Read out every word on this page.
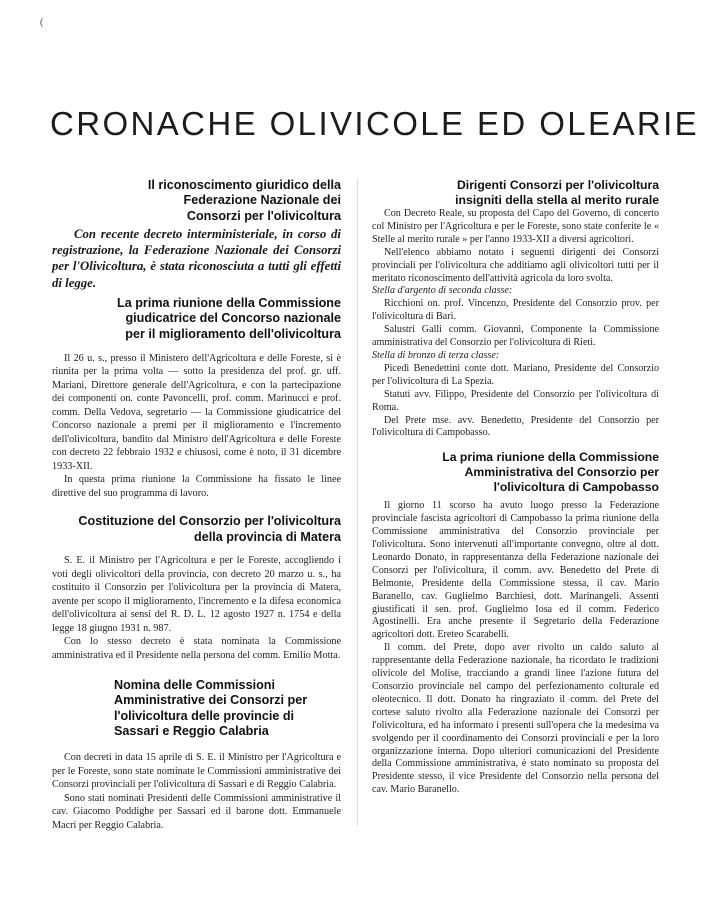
(
CRONACHE OLIVICOLE ED OLEARIE
Il riconoscimento giuridico della Federazione Nazionale dei Consorzi per l'olivicoltura

Con recente decreto interministeriale, in corso di registrazione, la Federazione Nazionale dei Consorzi per l'Olivicoltura, è stata riconosciuta a tutti gli effetti di legge.

La prima riunione della Commissione giudicatrice del Concorso nazionale per il miglioramento dell'olivicoltura

Il 26 u. s., presso il Ministero dell'Agricoltura e delle Foreste, si è riunita per la prima volta — sotto la presidenza del prof. gr. uff. Mariani, Direttore generale dell'Agricoltura, e con la partecipazione dei componenti on. conte Pavoncelli, prof. comm. Marinucci e prof. comm. Della Vedova, segretario — la Commissione giudicatrice del Concorso nazionale a premi per il miglioramento e l'incremento dell'olivicoltura, bandito dal Ministro dell'Agricoltura e delle Foreste con decreto 22 febbraio 1932 e chiusosi, come è noto, il 31 dicembre 1933-XII.

In questa prima riunione la Commissione ha fissato le linee direttive del suo programma di lavoro.

Costituzione del Consorzio per l'olivicoltura della provincia di Matera

S. E. il Ministro per l'Agricoltura e per le Foreste, accogliendo i voti degli olivicoltori della provincia, con decreto 20 marzo u. s., ha costituito il Consorzio per l'olivicoltura per la provincia di Matera, avente per scopo il miglioramento, l'incremento e la difesa economica dell'olivicoltura ai sensi del R. D. L. 12 agosto 1927 n. 1754 e della legge 18 giugno 1931 n. 987.

Con lo stesso decreto è stata nominata la Commissione amministrativa ed il Presidente nella persona del comm. Emilio Motta.

Nomina delle Commissioni Amministrative dei Consorzi per l'olivicoltura delle provincie di Sassari e Reggio Calabria

Con decreti in data 15 aprile di S. E. il Ministro per l'Agricoltura e per le Foreste, sono state nominate le Commissioni amministrative dei Consorzi provinciali per l'olivicoltura di Sassari e di Reggio Calabria.

Sono stati nominati Presidenti delle Commissioni amministrative il cav. Giacomo Poddighe per Sassari ed il barone dott. Emmanuele Macrì per Reggio Calabria.

Dirigenti Consorzi per l'olivicoltura insigniti della stella al merito rurale

Con Decreto Reale, su proposta del Capo del Governo, di concerto col Ministro per l'Agricoltura e per le Foreste, sono state conferite le « Stelle al merito rurale » per l'anno 1933-XII a diversi agricoltori.

Nell'elenco abbiamo notato i seguenti dirigenti dei Consorzi provinciali per l'olivicoltura che additiamo agli olivicoltori tutti per il meritato riconoscimento dell'attività agricola da loro svolta.

Stella d'argento di seconda classe:

Ricchioni on. prof. Vincenzo, Presidente del Consorzio prov. per l'olivicoltura di Bari.

Salustri Galli comm. Giovanni, Componente la Commissione amministrativa del Consorzio per l'olivicoltura di Rieti.

Stella di bronzo di terza classe:

Picedi Benedettini conte dott. Mariano, Presidente del Consorzio per l'olivicoltura di La Spezia.

Statuti avv. Filippo, Presidente del Consorzio per l'olivicoltura di Roma.

Del Prete mse. avv. Benedetto, Presidente del Consorzio per l'olivicoltura di Campobasso.

La prima riunione della Commissione Amministrativa del Consorzio per l'olivicoltura di Campobasso

Il giorno 11 scorso ha avuto luogo presso la Federazione provinciale fascista agricoltori di Campobasso la prima riunione della Commissione amministrativa del Consorzio provinciale per l'olivicoltura. Sono intervenuti all'importante convegno, oltre al dott. Leonardo Donato, in rappresentanza della Federazione nazionale dei Consorzi per l'olivicoltura, il comm. avv. Benedetto del Prete di Belmonte, Presidente della Commissione stessa, il cav. Mario Baranello, cav. Guglielmo Barchiesi, dott. Marinangeli. Assenti giustificati il sen. prof. Guglielmo Iosa ed il comm. Federico Agostinelli. Era anche presente il Segretario della Federazione agricoltori dott. Ereteo Scarabelli.

Il comm. del Prete, dopo aver rivolto un caldo saluto al rappresentante della Federazione nazionale, ha ricordato le tradizioni olivicole del Molise, tracciando a grandi linee l'azione futura del Consorzio provinciale nel campo del perfezionamento colturale ed oleotecnico. Il dott. Donato ha ringraziato il comm. del Prete del cortese saluto rivolto alla Federazione nazionale dei Consorzi per l'olivicoltura, ed ha informato i presenti sull'opera che la medesima va svolgendo per il coordinamento dei Consorzi provinciali e per la loro organizzazione interna. Dopo ulteriori comunicazioni del Presidente della Commissione amministrativa, è stato nominato su proposta del Presidente stesso, il vice Presidente del Consorzio nella persona del cav. Mario Baranello.
